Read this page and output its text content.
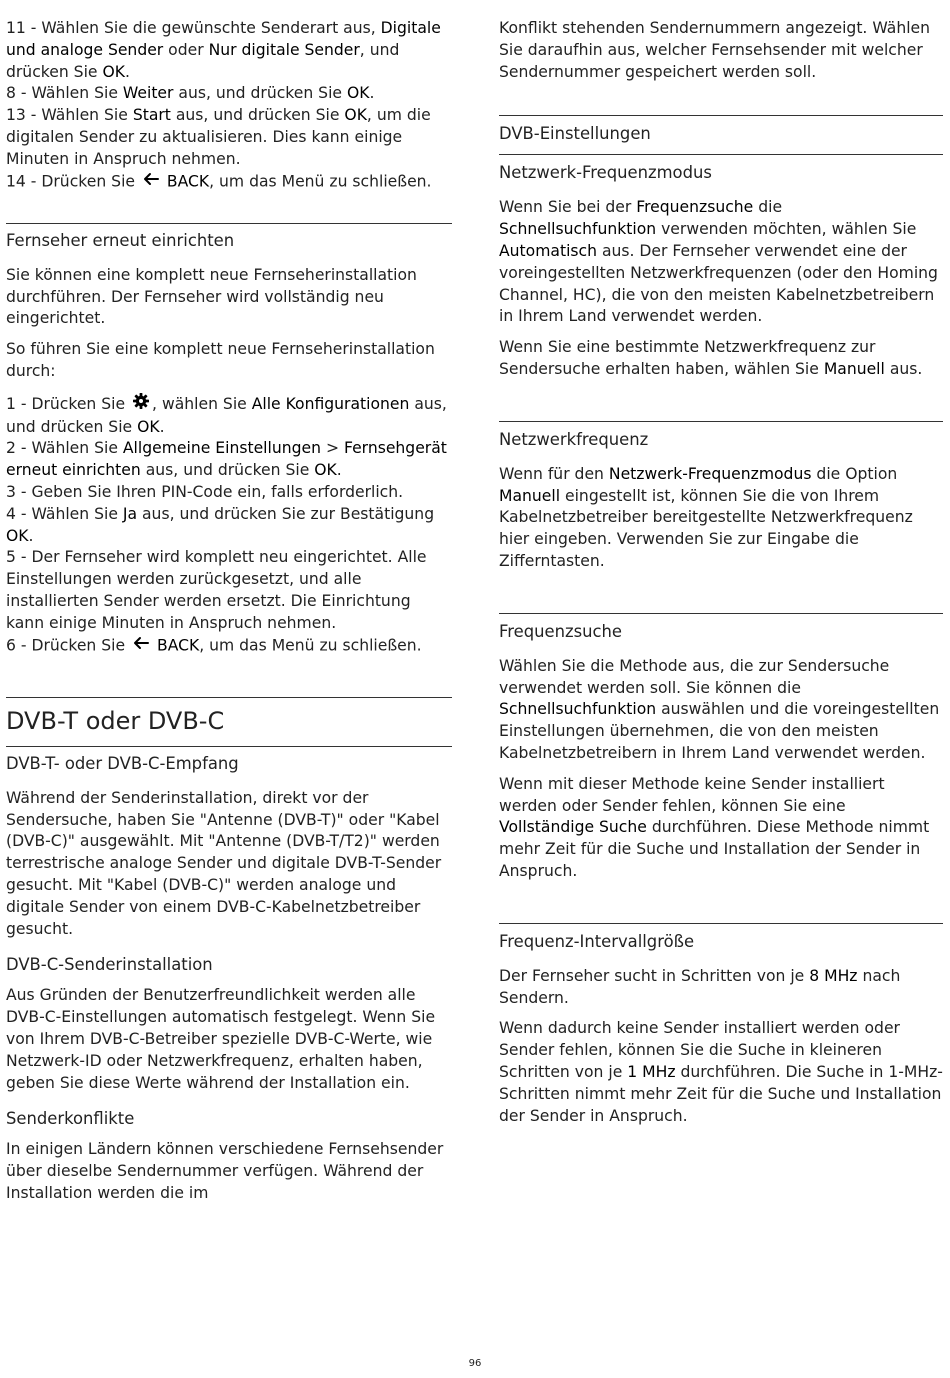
11 - Wählen Sie die gewünschte Senderart aus, Digitale und analoge Sender oder Nur digitale Sender, und drücken Sie OK.
8 - Wählen Sie Weiter aus, und drücken Sie OK.
13 - Wählen Sie Start aus, und drücken Sie OK, um die digitalen Sender zu aktualisieren. Dies kann einige Minuten in Anspruch nehmen.
14 - Drücken Sie  BACK, um das Menü zu schließen.
Fernseher erneut einrichten
Sie können eine komplett neue Fernseherinstallation durchführen. Der Fernseher wird vollständig neu eingerichtet.
So führen Sie eine komplett neue Fernseherinstallation durch:
1 - Drücken Sie , wählen Sie Alle Konfigurationen aus, und drücken Sie OK.
2 - Wählen Sie Allgemeine Einstellungen > Fernsehgerät erneut einrichten aus, und drücken Sie OK.
3 - Geben Sie Ihren PIN-Code ein, falls erforderlich.
4 - Wählen Sie Ja aus, und drücken Sie zur Bestätigung OK.
5 - Der Fernseher wird komplett neu eingerichtet. Alle Einstellungen werden zurückgesetzt, und alle installierten Sender werden ersetzt. Die Einrichtung kann einige Minuten in Anspruch nehmen.
6 - Drücken Sie  BACK, um das Menü zu schließen.
DVB-T oder DVB-C
DVB-T- oder DVB-C-Empfang
Während der Senderinstallation, direkt vor der Sendersuche, haben Sie "Antenne (DVB-T)" oder "Kabel (DVB-C)" ausgewählt. Mit "Antenne (DVB-T/T2)" werden terrestrische analoge Sender und digitale DVB-T-Sender gesucht. Mit "Kabel (DVB-C)" werden analoge und digitale Sender von einem DVB-C-Kabelnetzbetreiber gesucht.
DVB-C-Senderinstallation
Aus Gründen der Benutzerfreundlichkeit werden alle DVB-C-Einstellungen automatisch festgelegt. Wenn Sie von Ihrem DVB-C-Betreiber spezielle DVB-C-Werte, wie Netzwerk-ID oder Netzwerkfrequenz, erhalten haben, geben Sie diese Werte während der Installation ein.
Senderkonflikte
In einigen Ländern können verschiedene Fernsehsender über dieselbe Sendernummer verfügen. Während der Installation werden die im
Konflikt stehenden Sendernummern angezeigt. Wählen Sie daraufhin aus, welcher Fernsehsender mit welcher Sendernummer gespeichert werden soll.
DVB-Einstellungen
Netzwerk-Frequenzmodus
Wenn Sie bei der Frequenzsuche die Schnellsuchfunktion verwenden möchten, wählen Sie Automatisch aus. Der Fernseher verwendet eine der voreingestellten Netzwerkfrequenzen (oder den Homing Channel, HC), die von den meisten Kabelnetzbetreibern in Ihrem Land verwendet werden.
Wenn Sie eine bestimmte Netzwerkfrequenz zur Sendersuche erhalten haben, wählen Sie Manuell aus.
Netzwerkfrequenz
Wenn für den Netzwerk-Frequenzmodus die Option Manuell eingestellt ist, können Sie die von Ihrem Kabelnetzbetreiber bereitgestellte Netzwerkfrequenz hier eingeben. Verwenden Sie zur Eingabe die Zifferntasten.
Frequenzsuche
Wählen Sie die Methode aus, die zur Sendersuche verwendet werden soll. Sie können die Schnellsuchfunktion auswählen und die voreingestellten Einstellungen übernehmen, die von den meisten Kabelnetzbetreibern in Ihrem Land verwendet werden.
Wenn mit dieser Methode keine Sender installiert werden oder Sender fehlen, können Sie eine Vollständige Suche durchführen. Diese Methode nimmt mehr Zeit für die Suche und Installation der Sender in Anspruch.
Frequenz-Intervallgröße
Der Fernseher sucht in Schritten von je 8 MHz nach Sendern.
Wenn dadurch keine Sender installiert werden oder Sender fehlen, können Sie die Suche in kleineren Schritten von je 1 MHz durchführen. Die Suche in 1-MHz-Schritten nimmt mehr Zeit für die Suche und Installation der Sender in Anspruch.
96
